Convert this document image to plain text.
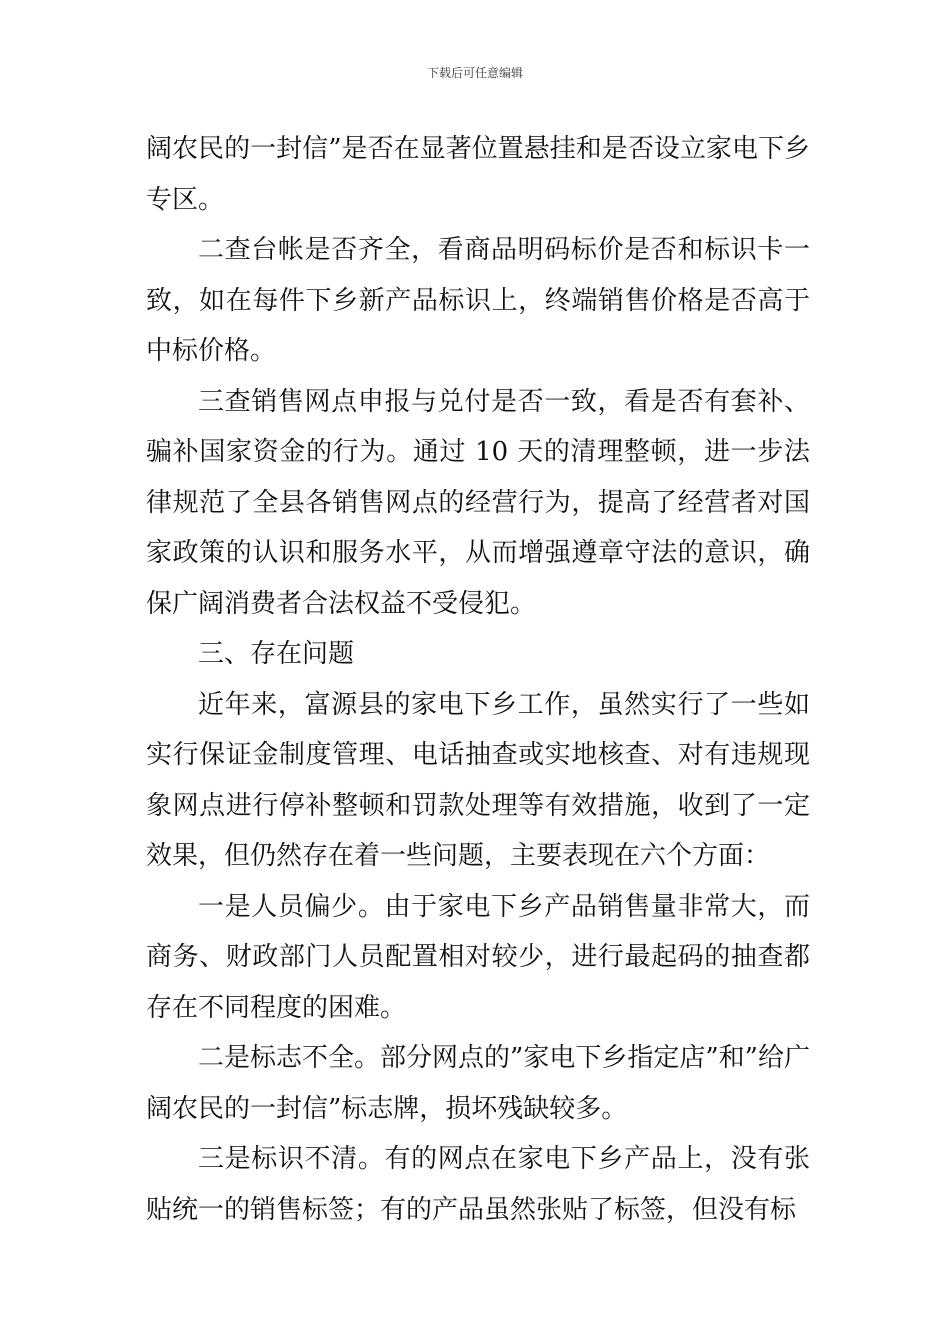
下载后可任意编辑

阔农民的一封信”是否在显著位置悬挂和是否设立家电下乡专区。

二查台帐是否齐全，看商品明码标价是否和标识卡一致，如在每件下乡新产品标识上，终端销售价格是否高于中标价格。

三查销售网点申报与兑付是否一致，看是否有套补、骗补国家资金的行为。通过 10 天的清理整顿，进一步法律规范了全县各销售网点的经营行为，提高了经营者对国家政策的认识和服务水平，从而增强遵章守法的意识，确保广阔消费者合法权益不受侵犯。

三、存在问题

近年来，富源县的家电下乡工作，虽然实行了一些如实行保证金制度管理、电话抽查或实地核查、对有违规现象网点进行停补整顿和罚款处理等有效措施，收到了一定效果，但仍然存在着一些问题，主要表现在六个方面：

一是人员偏少。由于家电下乡产品销售量非常大，而商务、财政部门人员配置相对较少，进行最起码的抽查都存在不同程度的困难。

二是标志不全。部分网点的”家电下乡指定店”和”给广阔农民的一封信”标志牌，损坏残缺较多。

三是标识不清。有的网点在家电下乡产品上，没有张贴统一的销售标签；有的产品虽然张贴了标签，但没有标
